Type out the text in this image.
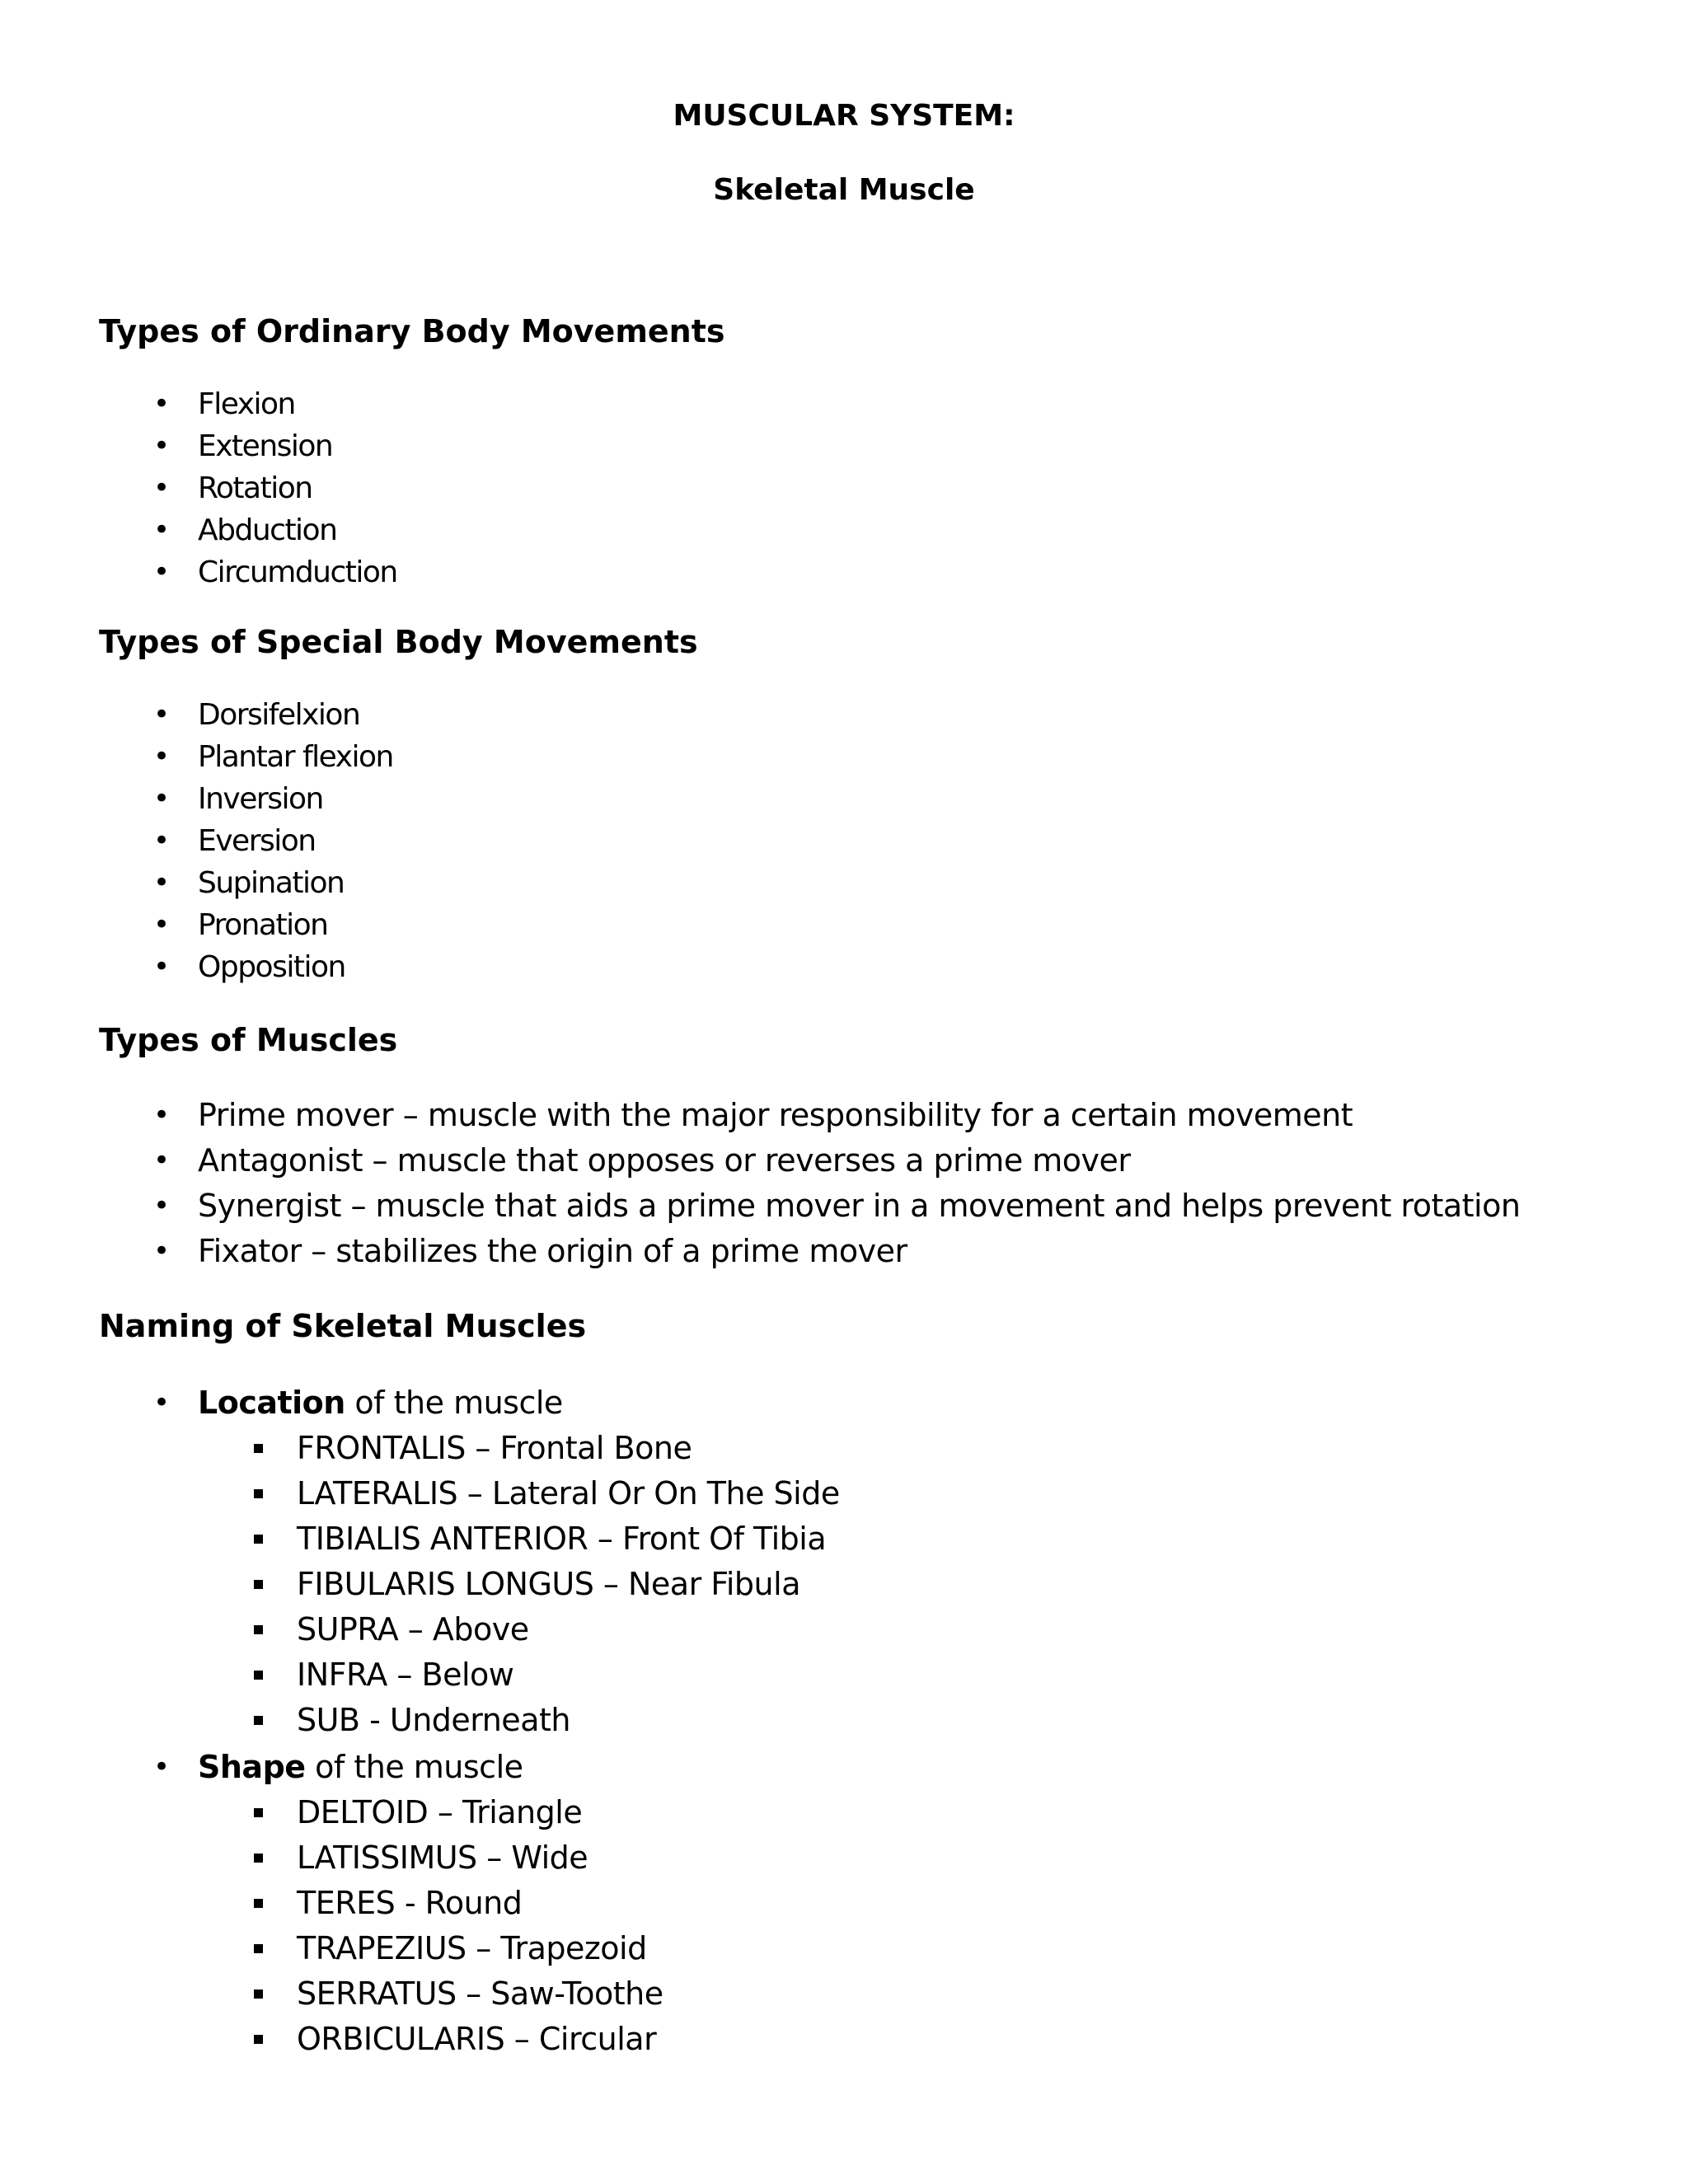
MUSCULAR SYSTEM:
Skeletal Muscle
Types of Ordinary Body Movements
• Flexion
• Extension
• Rotation
• Abduction
• Circumduction
Types of Special Body Movements
• Dorsifelxion
• Plantar flexion
• Inversion
• Eversion
• Supination
• Pronation
• Opposition
Types of Muscles
• Prime mover – muscle with the major responsibility for a certain movement
• Antagonist – muscle that opposes or reverses a prime mover
• Synergist – muscle that aids a prime mover in a movement and helps prevent rotation
• Fixator – stabilizes the origin of a prime mover
Naming of Skeletal Muscles
• Location of the muscle
FRONTALIS – Frontal Bone
LATERALIS – Lateral Or On The Side
TIBIALIS ANTERIOR – Front Of Tibia
FIBULARIS LONGUS – Near Fibula
SUPRA – Above
INFRA – Below
SUB - Underneath
• Shape of the muscle
DELTOID – Triangle
LATISSIMUS – Wide
TERES - Round
TRAPEZIUS – Trapezoid
SERRATUS – Saw-Toothe
ORBICULARIS – Circular
